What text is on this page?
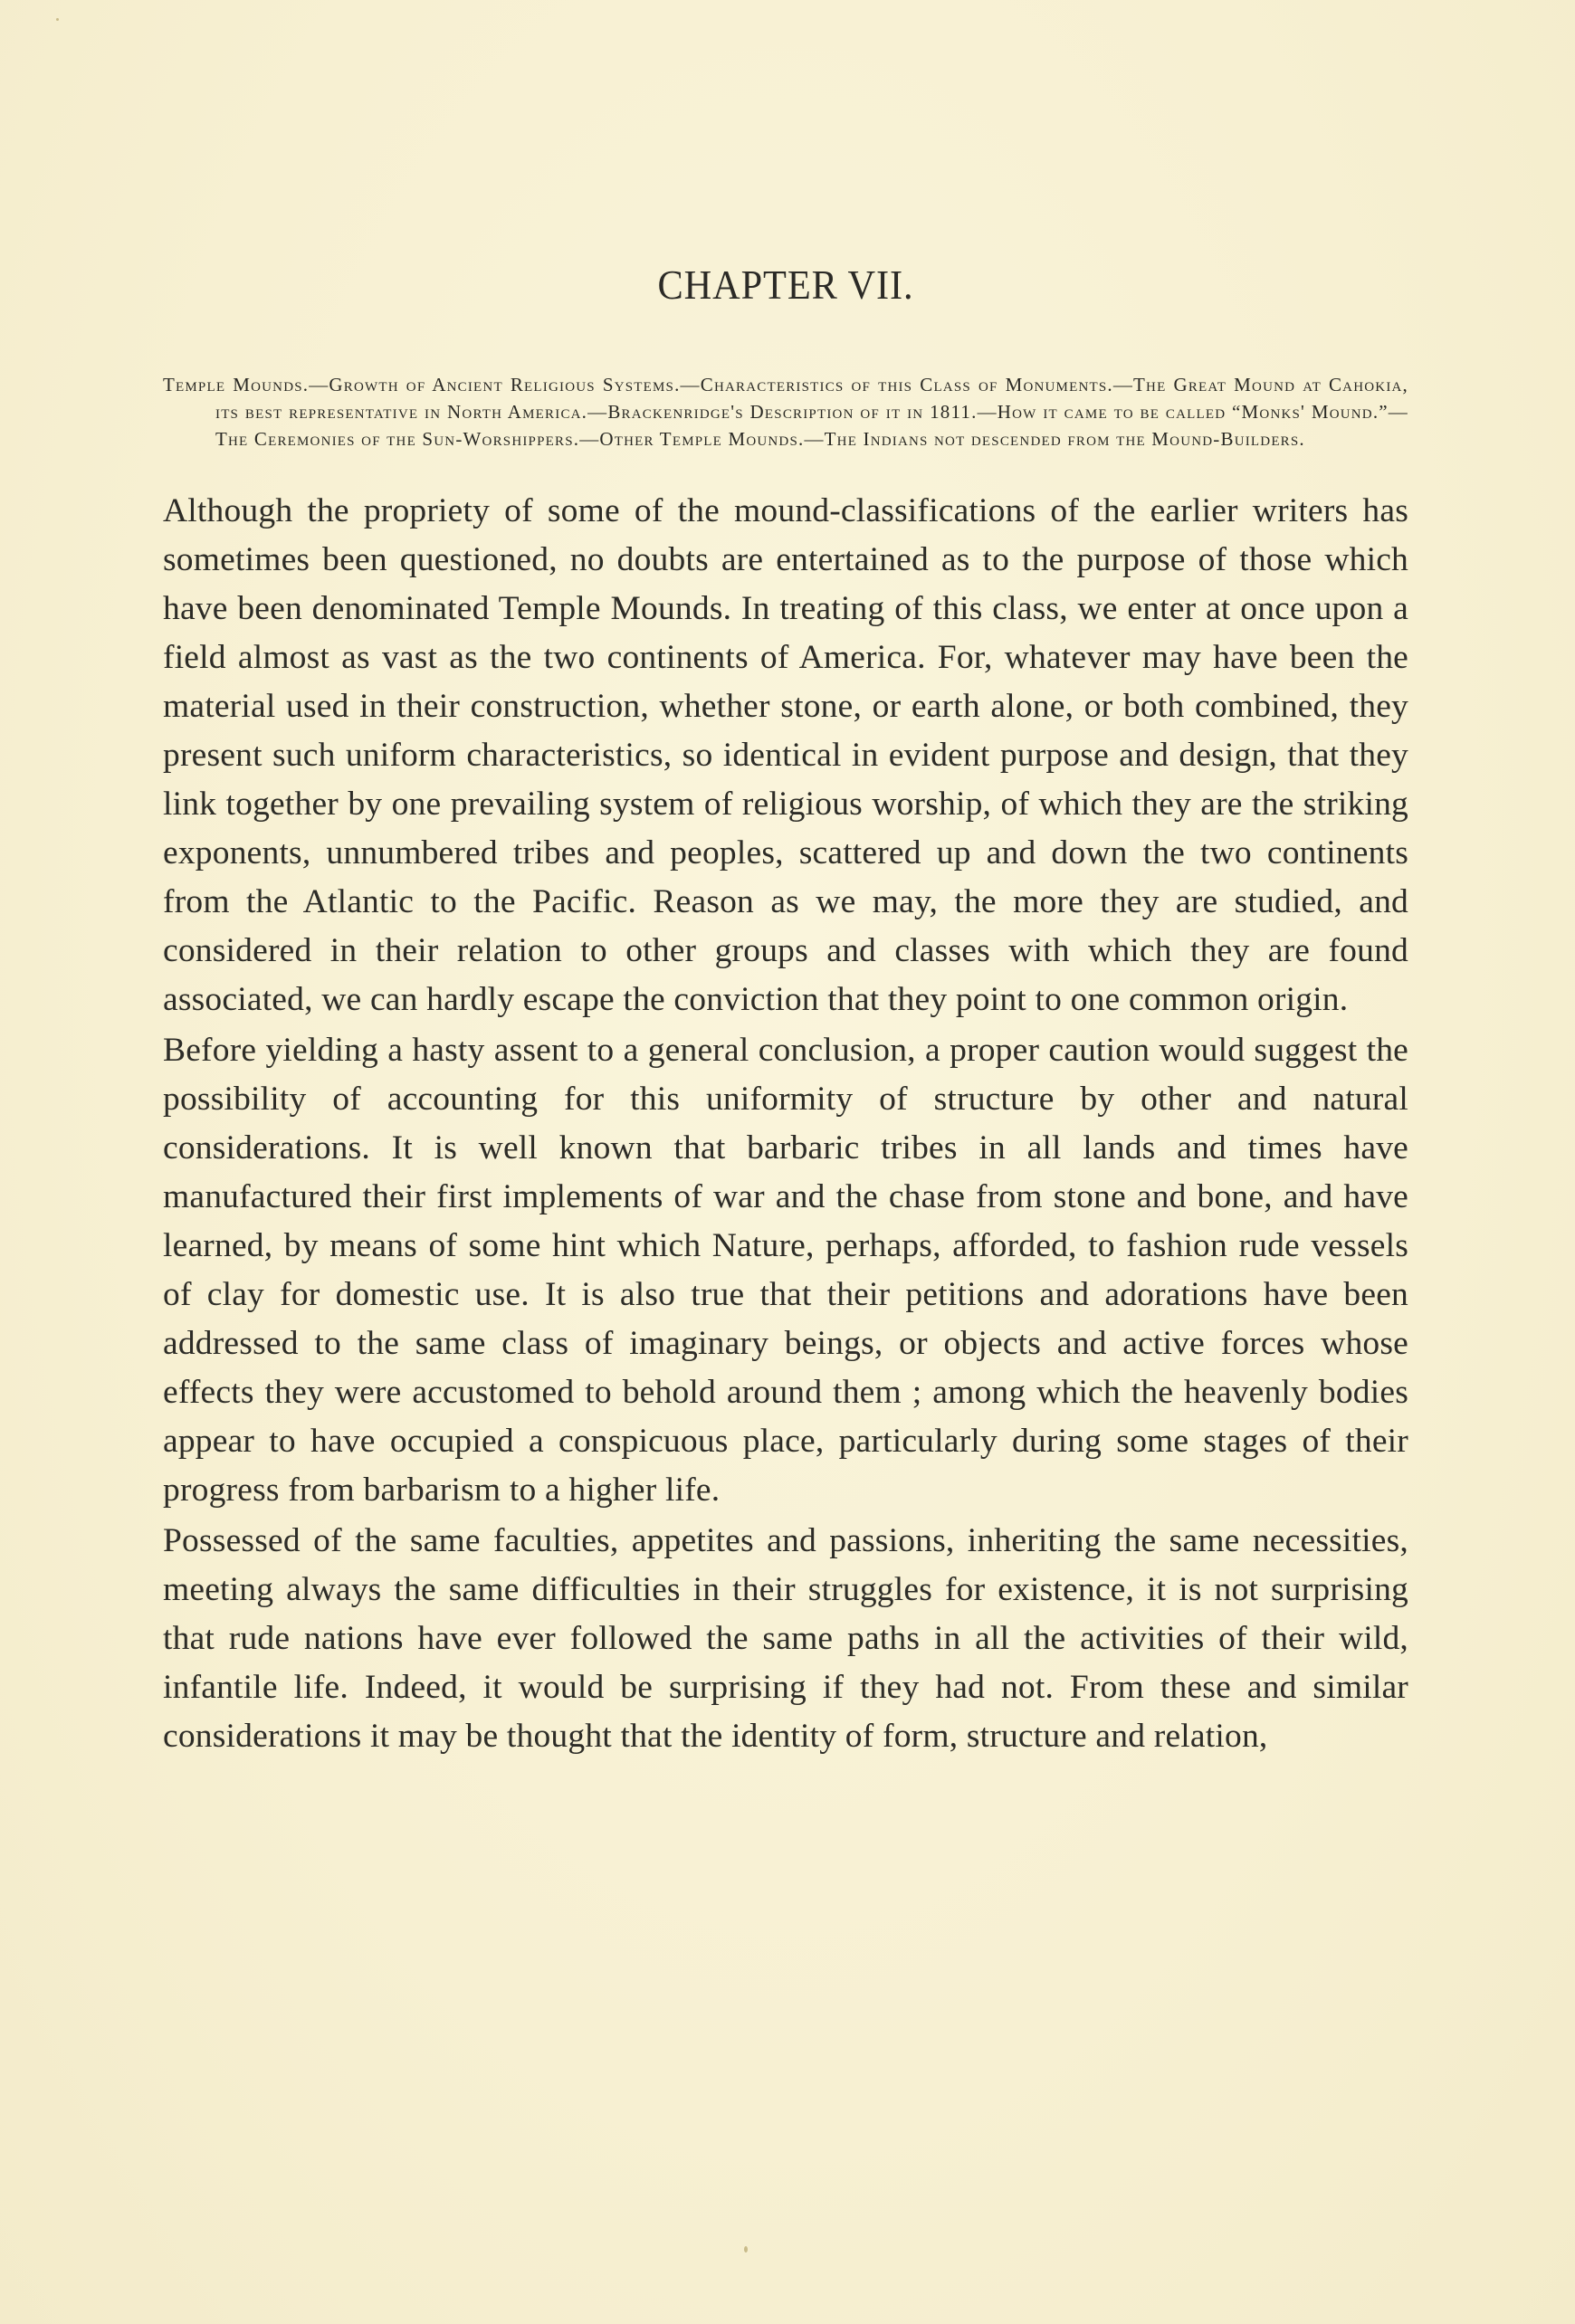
CHAPTER VII.
Temple Mounds.—Growth of Ancient Religious Systems.—Characteristics of this Class of Monuments.—The Great Mound at Cahokia, its best representative in North America.—Brackenridge's Description of it in 1811.—How it came to be called “Monks' Mound.”—The Ceremonies of the Sun-Worshippers.—Other Temple Mounds.—The Indians not descended from the Mound-Builders.

Although the propriety of some of the mound-classifications of the earlier writers has sometimes been questioned, no doubts are entertained as to the purpose of those which have been denominated Temple Mounds. In treating of this class, we enter at once upon a field almost as vast as the two continents of America. For, whatever may have been the material used in their construction, whether stone, or earth alone, or both combined, they present such uniform characteristics, so identical in evident purpose and design, that they link together by one prevailing system of religious worship, of which they are the striking exponents, unnumbered tribes and peoples, scattered up and down the two continents from the Atlantic to the Pacific. Reason as we may, the more they are studied, and considered in their relation to other groups and classes with which they are found associated, we can hardly escape the conviction that they point to one common origin.

Before yielding a hasty assent to a general conclusion, a proper caution would suggest the possibility of accounting for this uniformity of structure by other and natural considerations. It is well known that barbaric tribes in all lands and times have manufactured their first implements of war and the chase from stone and bone, and have learned, by means of some hint which Nature, perhaps, afforded, to fashion rude vessels of clay for domestic use. It is also true that their petitions and adorations have been addressed to the same class of imaginary beings, or objects and active forces whose effects they were accustomed to behold around them ; among which the heavenly bodies appear to have occupied a conspicuous place, particularly during some stages of their progress from barbarism to a higher life.

Possessed of the same faculties, appetites and passions, inheriting the same necessities, meeting always the same difficulties in their struggles for existence, it is not surprising that rude nations have ever followed the same paths in all the activities of their wild, infantile life. Indeed, it would be surprising if they had not. From these and similar considerations it may be thought that the identity of form, structure and relation,
